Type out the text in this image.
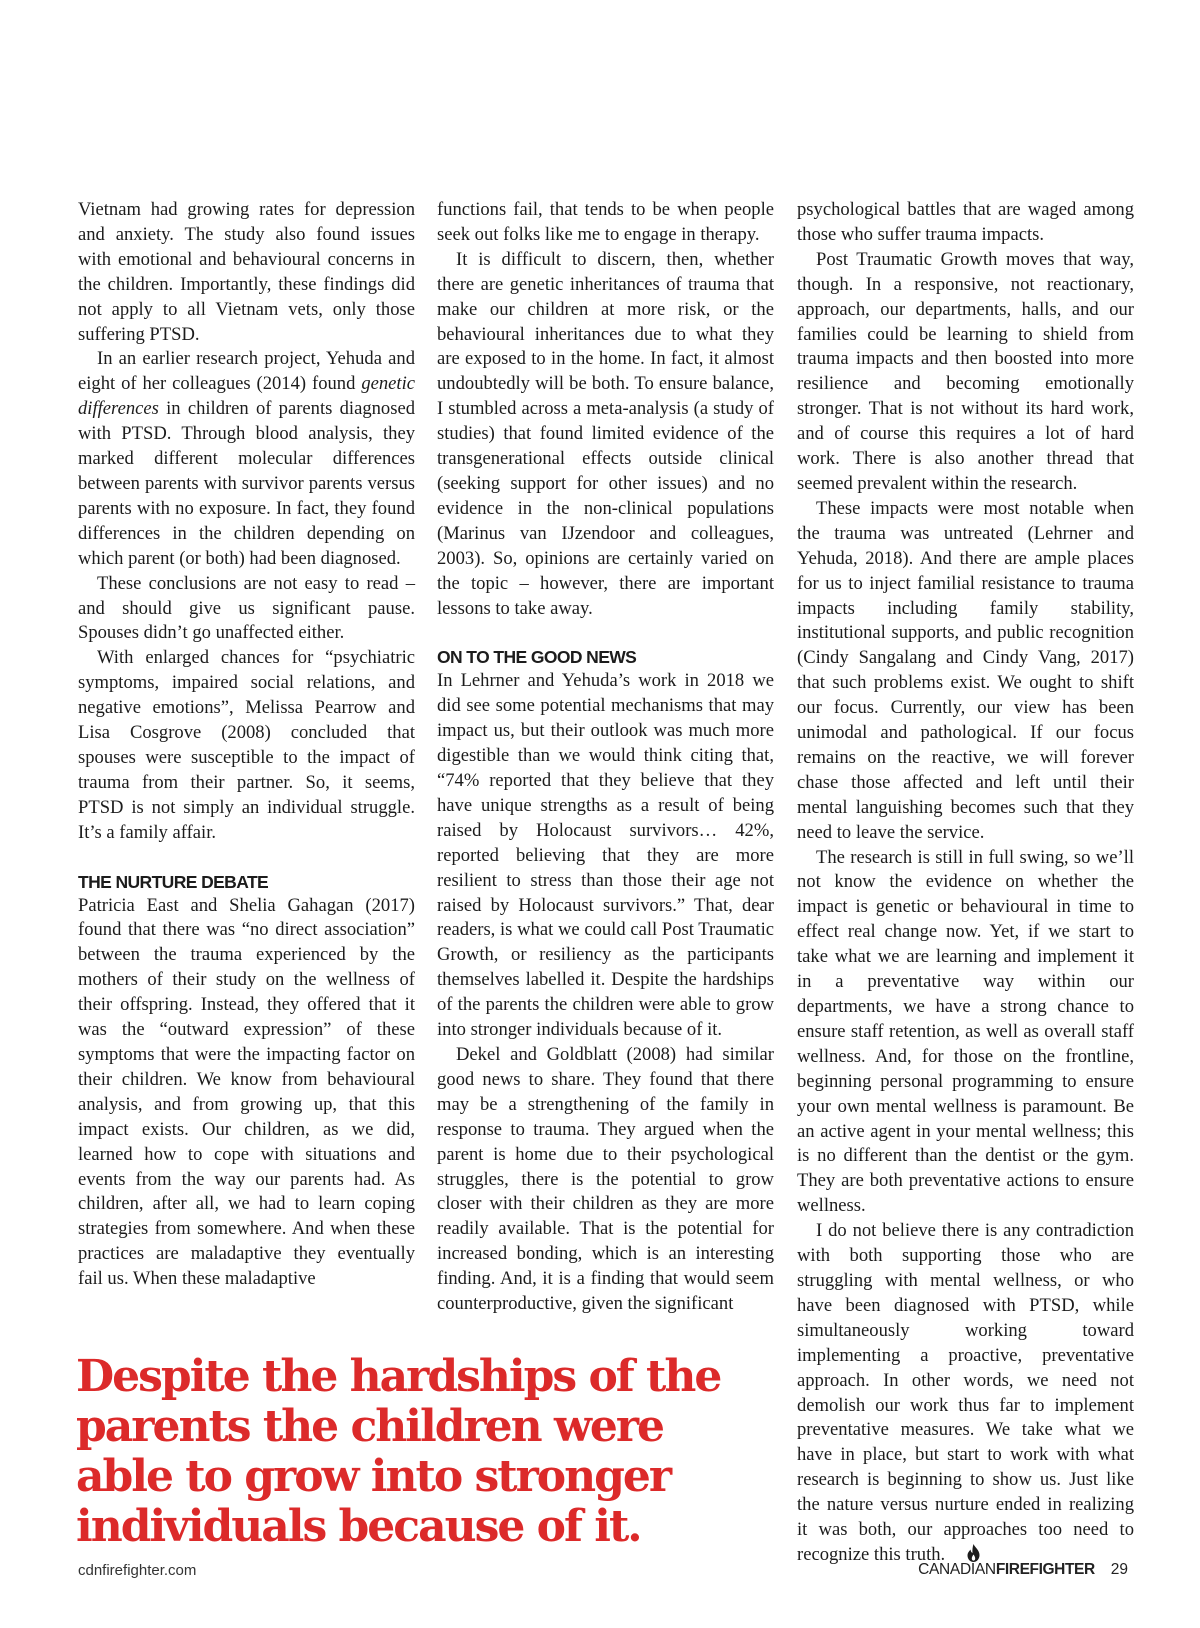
Vietnam had growing rates for depression and anxiety. The study also found issues with emotional and behavioural concerns in the children. Importantly, these findings did not apply to all Vietnam vets, only those suffering PTSD.

In an earlier research project, Yehuda and eight of her colleagues (2014) found genetic differences in children of parents diagnosed with PTSD. Through blood analysis, they marked different molecular differences between parents with survivor parents versus parents with no exposure. In fact, they found differences in the children depending on which parent (or both) had been diagnosed.

These conclusions are not easy to read – and should give us significant pause. Spouses didn’t go unaffected either.

With enlarged chances for “psychiatric symptoms, impaired social relations, and negative emotions”, Melissa Pearrow and Lisa Cosgrove (2008) concluded that spouses were susceptible to the impact of trauma from their partner. So, it seems, PTSD is not simply an individual struggle. It’s a family affair.

THE NURTURE DEBATE

Patricia East and Shelia Gahagan (2017) found that there was “no direct association” between the trauma experienced by the mothers of their study on the wellness of their offspring. Instead, they offered that it was the “outward expression” of these symptoms that were the impacting factor on their children. We know from behavioural analysis, and from growing up, that this impact exists. Our children, as we did, learned how to cope with situations and events from the way our parents had. As children, after all, we had to learn coping strategies from somewhere. And when these practices are maladaptive they eventually fail us. When these maladaptive

functions fail, that tends to be when people seek out folks like me to engage in therapy.

It is difficult to discern, then, whether there are genetic inheritances of trauma that make our children at more risk, or the behavioural inheritances due to what they are exposed to in the home. In fact, it almost undoubtedly will be both. To ensure balance, I stumbled across a meta-analysis (a study of studies) that found limited evidence of the transgenerational effects outside clinical (seeking support for other issues) and no evidence in the non-clinical populations (Marinus van IJzendoor and colleagues, 2003). So, opinions are certainly varied on the topic – however, there are important lessons to take away.

ON TO THE GOOD NEWS

In Lehrner and Yehuda’s work in 2018 we did see some potential mechanisms that may impact us, but their outlook was much more digestible than we would think citing that, “74% reported that they believe that they have unique strengths as a result of being raised by Holocaust survivors… 42%, reported believing that they are more resilient to stress than those their age not raised by Holocaust survivors.” That, dear readers, is what we could call Post Traumatic Growth, or resiliency as the participants themselves labelled it. Despite the hardships of the parents the children were able to grow into stronger individuals because of it.

Dekel and Goldblatt (2008) had similar good news to share. They found that there may be a strengthening of the family in response to trauma. They argued when the parent is home due to their psychological struggles, there is the potential to grow closer with their children as they are more readily available. That is the potential for increased bonding, which is an interesting finding. And, it is a finding that would seem counterproductive, given the significant

psychological battles that are waged among those who suffer trauma impacts.

Post Traumatic Growth moves that way, though. In a responsive, not reactionary, approach, our departments, halls, and our families could be learning to shield from trauma impacts and then boosted into more resilience and becoming emotionally stronger. That is not without its hard work, and of course this requires a lot of hard work. There is also another thread that seemed prevalent within the research.

These impacts were most notable when the trauma was untreated (Lehrner and Yehuda, 2018). And there are ample places for us to inject familial resistance to trauma impacts including family stability, institutional supports, and public recognition (Cindy Sangalang and Cindy Vang, 2017) that such problems exist. We ought to shift our focus. Currently, our view has been unimodal and pathological. If our focus remains on the reactive, we will forever chase those affected and left until their mental languishing becomes such that they need to leave the service.

The research is still in full swing, so we’ll not know the evidence on whether the impact is genetic or behavioural in time to effect real change now. Yet, if we start to take what we are learning and implement it in a preventative way within our departments, we have a strong chance to ensure staff retention, as well as overall staff wellness. And, for those on the frontline, beginning personal programming to ensure your own mental wellness is paramount. Be an active agent in your mental wellness; this is no different than the dentist or the gym. They are both preventative actions to ensure wellness.

I do not believe there is any contradiction with both supporting those who are struggling with mental wellness, or who have been diagnosed with PTSD, while simultaneously working toward implementing a proactive, preventative approach. In other words, we need not demolish our work thus far to implement preventative measures. We take what we have in place, but start to work with what research is beginning to show us. Just like the nature versus nurture ended in realizing it was both, our approaches too need to recognize this truth.

Despite the hardships of the parents the children were able to grow into stronger individuals because of it.

cdnfirefighter.com	CANADIANFIREFIGHTER 29
